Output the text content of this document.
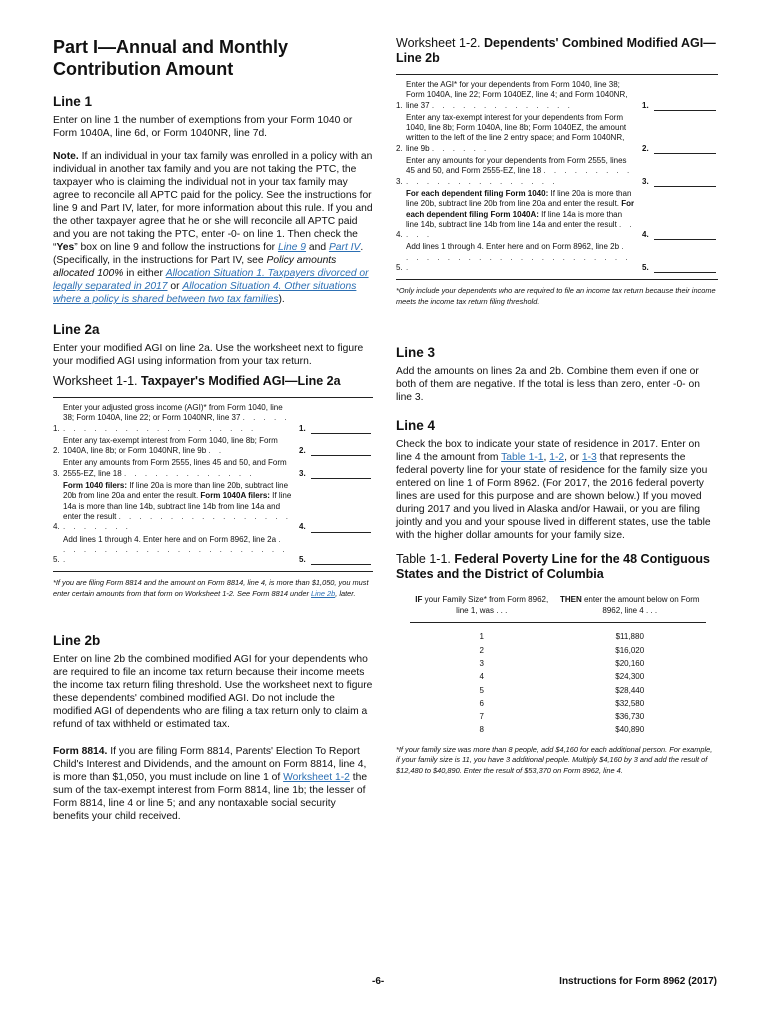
Part I—Annual and Monthly Contribution Amount
Line 1

Enter on line 1 the number of exemptions from your Form 1040 or Form 1040A, line 6d, or Form 1040NR, line 7d.

Note. If an individual in your tax family was enrolled in a policy with an individual in another tax family and you are not taking the PTC, the taxpayer who is claiming the individual not in your tax family may agree to reconcile all APTC paid for the policy. See the instructions for line 9 and Part IV, later, for more information about this rule. If you and the other taxpayer agree that he or she will reconcile all APTC paid and you are not taking the PTC, enter -0- on line 1. Then check the “Yes” box on line 9 and follow the instructions for Line 9 and Part IV. (Specifically, in the instructions for Part IV, see Policy amounts allocated 100% in either Allocation Situation 1. Taxpayers divorced or legally separated in 2017 or Allocation Situation 4. Other situations where a policy is shared between two tax families).

Line 2a

Enter your modified AGI on line 2a. Use the worksheet next to figure your modified AGI using information from your tax return.

Worksheet 1-1. Taxpayer's Modified AGI—Line 2a
1.
Enter your adjusted gross income (AGI)* from Form 1040, line 38; Form 1040A, line 22; or Form 1040NR, line 37 . . . . . . . . . . . . . . . . . . . . . . . .	1.
2.
Enter any tax-exempt interest from Form 1040, line 8b; Form 1040A, line 8b; or Form 1040NR, line 9b . .	2.
3.
Enter any amounts from Form 2555, lines 45 and 50, and Form 2555-EZ, line 18 . . . . . . . . . . . . .	3.
4.
Form 1040 filers: If line 20a is more than line 20b, subtract line 20b from line 20a and enter the result. Form 1040A filers: If line 14a is more than line 14b, subtract line 14b from line 14a and enter the result . . . . . . . . . . . . . . . . . . . . . . . .	4.
5.
Add lines 1 through 4. Enter here and on Form 8962, line 2a . . . . . . . . . . . . . . . . . . . . . . . .	5.

*If you are filing Form 8814 and the amount on Form 8814, line 4, is more than $1,050, you must enter certain amounts from that form on Worksheet 1-2. See Form 8814 under Line 2b, later.

Line 2b

Enter on line 2b the combined modified AGI for your dependents who are required to file an income tax return because their income meets the income tax return filing threshold. Use the worksheet next to figure these dependents' combined modified AGI. Do not include the modified AGI of dependents who are filing a tax return only to claim a refund of tax withheld or estimated tax.

Form 8814. If you are filing Form 8814, Parents' Election To Report Child's Interest and Dividends, and the amount on Form 8814, line 4, is more than $1,050, you must include on line 1 of Worksheet 1-2 the sum of the tax-exempt interest from Form 8814, line 1b; the lesser of Form 8814, line 4 or line 5; and any nontaxable social security benefits your child received.

Worksheet 1-2. Dependents' Combined Modified AGI—Line 2b
1.
Enter the AGI* for your dependents from Form 1040, line 38; Form 1040A, line 22; Form 1040EZ, line 4; and Form 1040NR, line 37 . . . . . . . . . . . . . .	1.
2.
Enter any tax-exempt interest for your dependents from Form 1040, line 8b; Form 1040A, line 8b; Form 1040EZ, the amount written to the left of the line 2 entry space; and Form 1040NR, line 9b . . . . . .	2.
3.
Enter any amounts for your dependents from Form 2555, lines 45 and 50, and Form 2555-EZ, line 18 . . . . . . . . . . . . . . . . . . . . . . . .	3.
4.
For each dependent filing Form 1040: If line 20a is more than line 20b, subtract line 20b from line 20a and enter the result. For each dependent filing Form 1040A: If line 14a is more than line 14b, subtract line 14b from line 14a and enter the result . . . . .	4.
5.
Add lines 1 through 4. Enter here and on Form 8962, line 2b . . . . . . . . . . . . . . . . . . . . . . . .	5.

*Only include your dependents who are required to file an income tax return because their income meets the income tax return filing threshold.

Line 3

Add the amounts on lines 2a and 2b. Combine them even if one or both of them are negative. If the total is less than zero, enter -0- on line 3.

Line 4

Check the box to indicate your state of residence in 2017. Enter on line 4 the amount from Table 1-1, 1-2, or 1-3 that represents the federal poverty line for your state of residence for the family size you entered on line 1 of Form 8962. (For 2017, the 2016 federal poverty lines are used for this purpose and are shown below.) If you moved during 2017 and you lived in Alaska and/or Hawaii, or you are filing jointly and you and your spouse lived in different states, use the table with the higher dollar amounts for your family size.

Table 1-1. Federal Poverty Line for the 48 Contiguous States and the District of Columbia
IF your Family Size* from Form 8962, line 1, was . . .	THEN enter the amount below on Form 8962, line 4 . . .
1	$11,880
2	$16,020
3	$20,160
4	$24,300
5	$28,440
6	$32,580
7	$36,730
8	$40,890

*If your family size was more than 8 people, add $4,160 for each additional person. For example, if your family size is 11, you have 3 additional people. Multiply $4,160 by 3 and add the result of $12,480 to $40,890. Enter the result of $53,370 on Form 8962, line 4.

-6-	Instructions for Form 8962 (2017)
